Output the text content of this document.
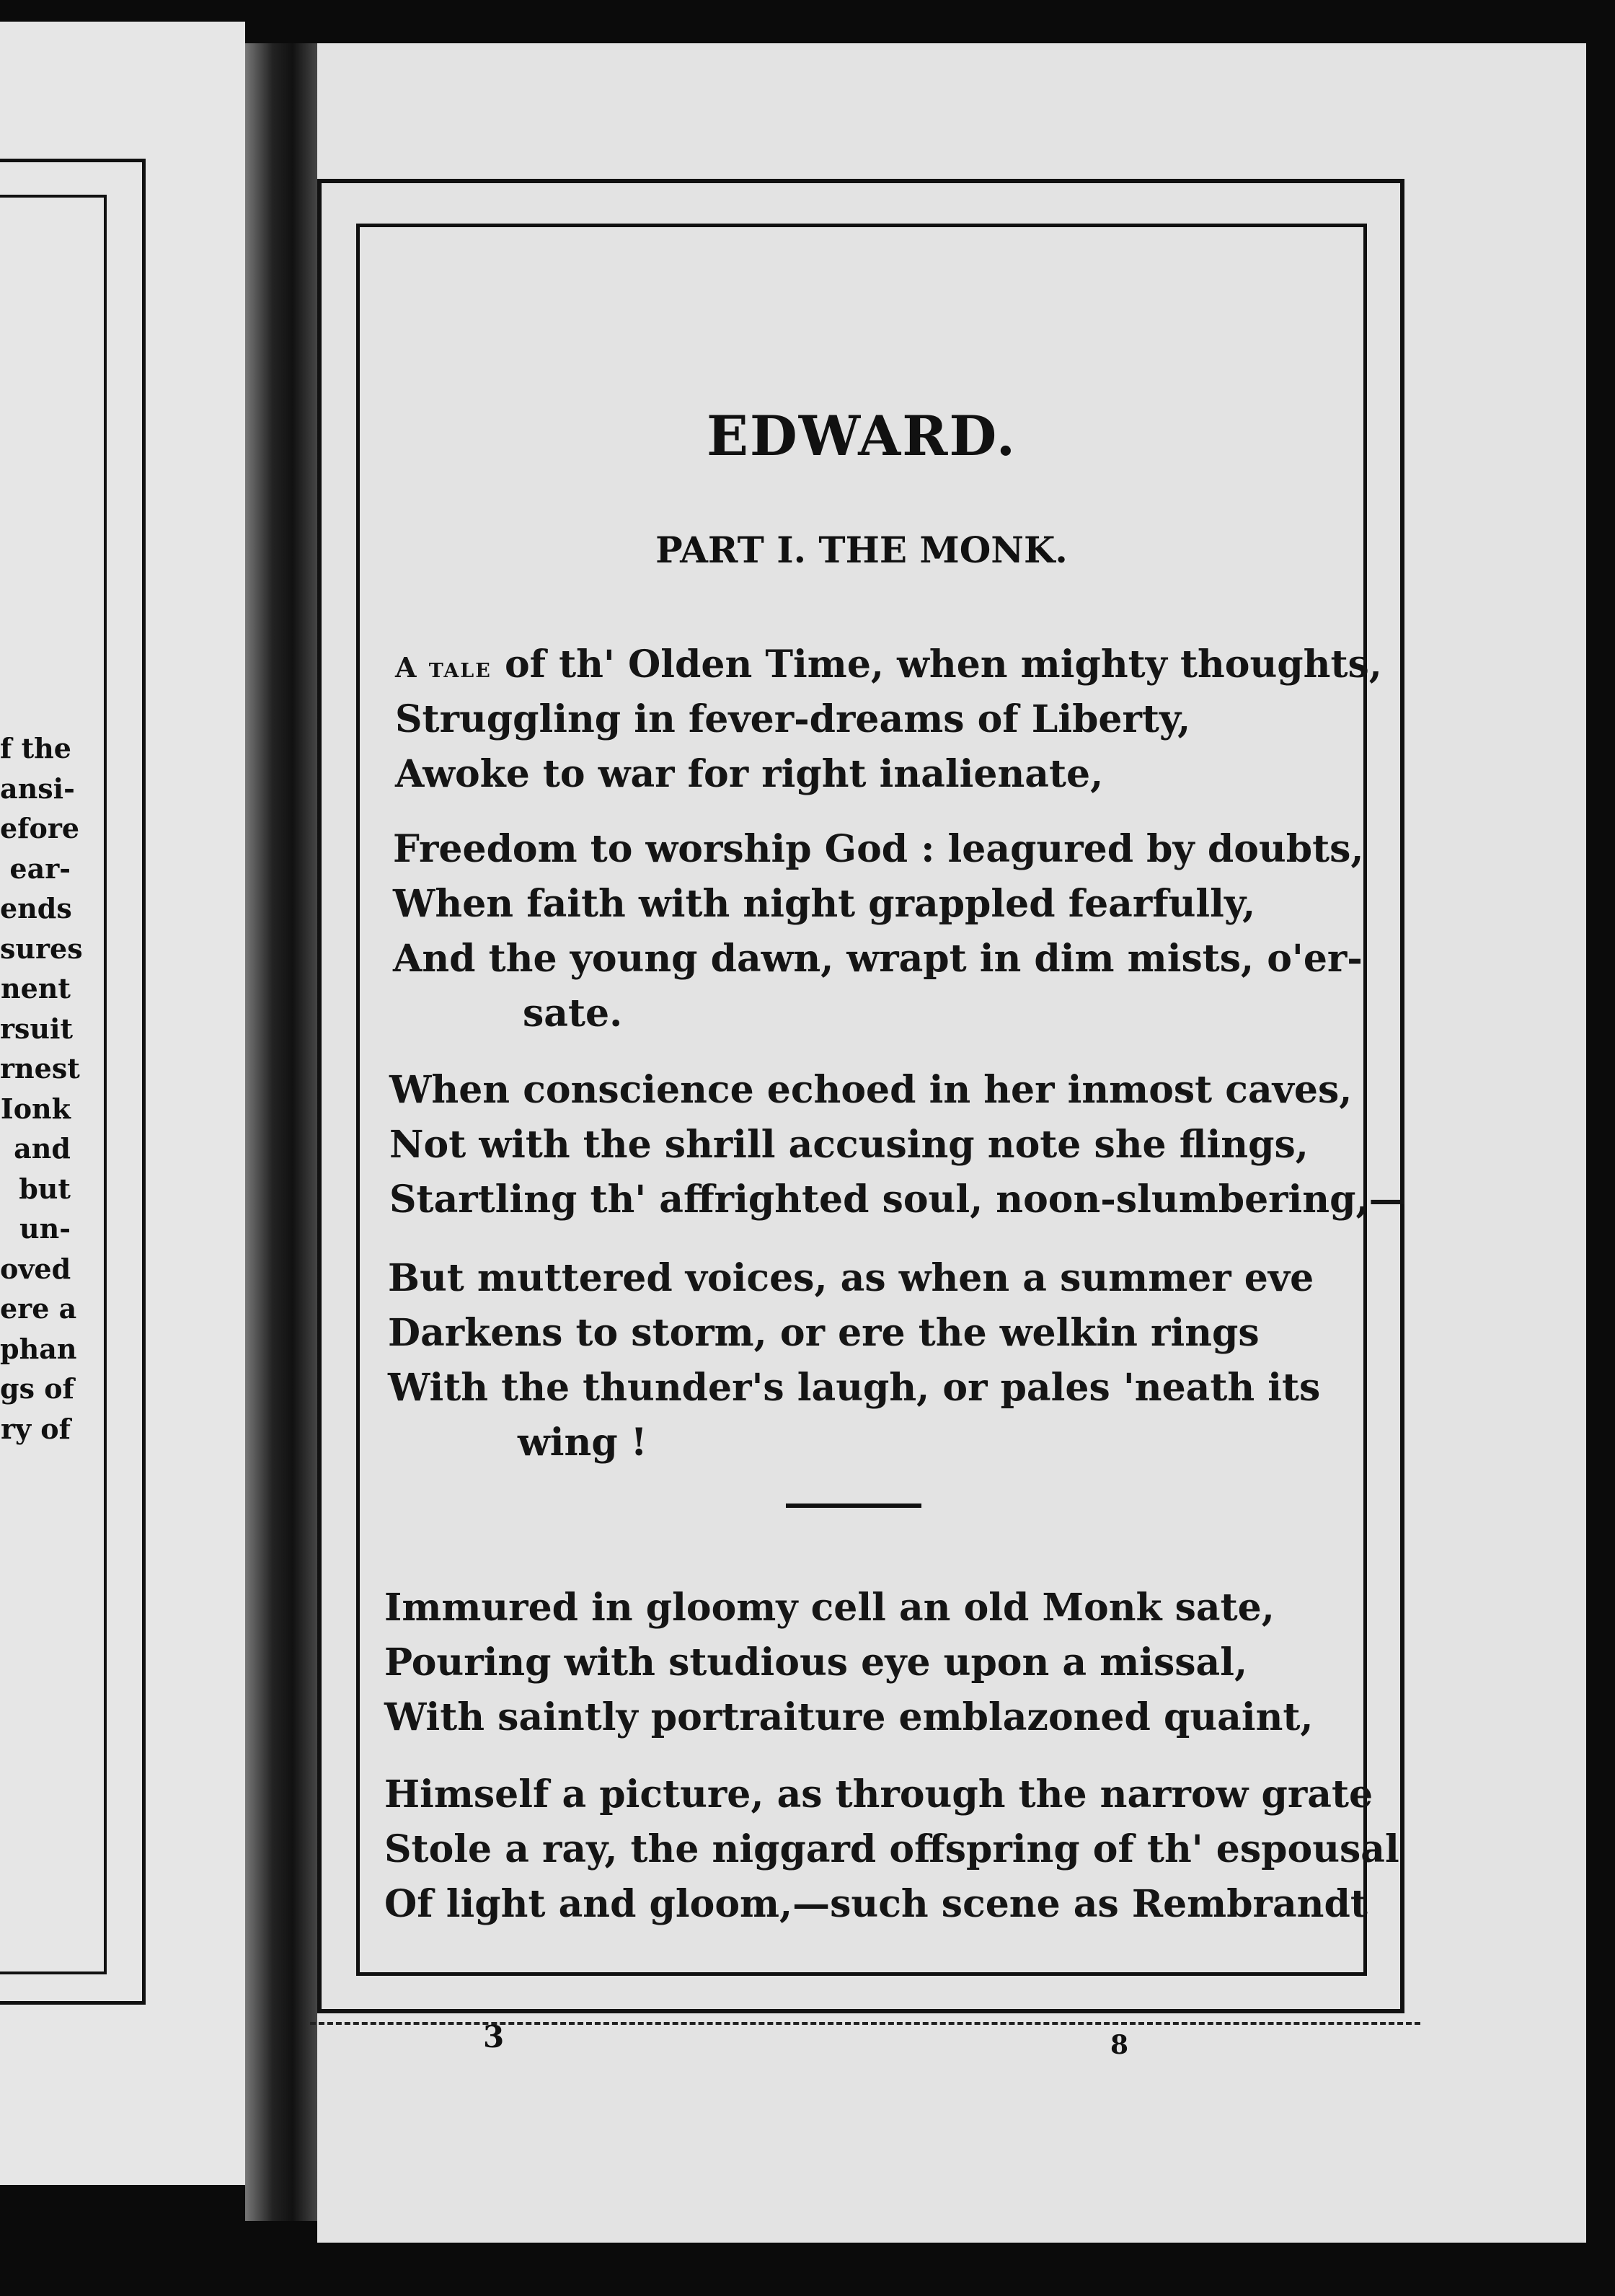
f the
ansi-
efore
ear-
ends
sures
nent
rsuit
rnest
Ionk
and
but
un-
oved
ere a
phan
gs of
ry of
EDWARD.
PART I. THE MONK.
A tale of th' Olden Time, when mighty thoughts,
Struggling in fever-dreams of Liberty,
Awoke to war for right inalienate,
Freedom to worship God : leagured by doubts,
When faith with night grappled fearfully,
And the young dawn, wrapt in dim mists, o'er-
sate.
When conscience echoed in her inmost caves,
Not with the shrill accusing note she flings,
Startling th' affrighted soul, noon-slumbering,—
But muttered voices, as when a summer eve
Darkens to storm, or ere the welkin rings
With the thunder's laugh, or pales 'neath its
wing !
Immured in gloomy cell an old Monk sate,
Pouring with studious eye upon a missal,
With saintly portraiture emblazoned quaint,
Himself a picture, as through the narrow grate
Stole a ray, the niggard offspring of th' espousal
Of light and gloom,—such scene as Rembrandt
3	8
